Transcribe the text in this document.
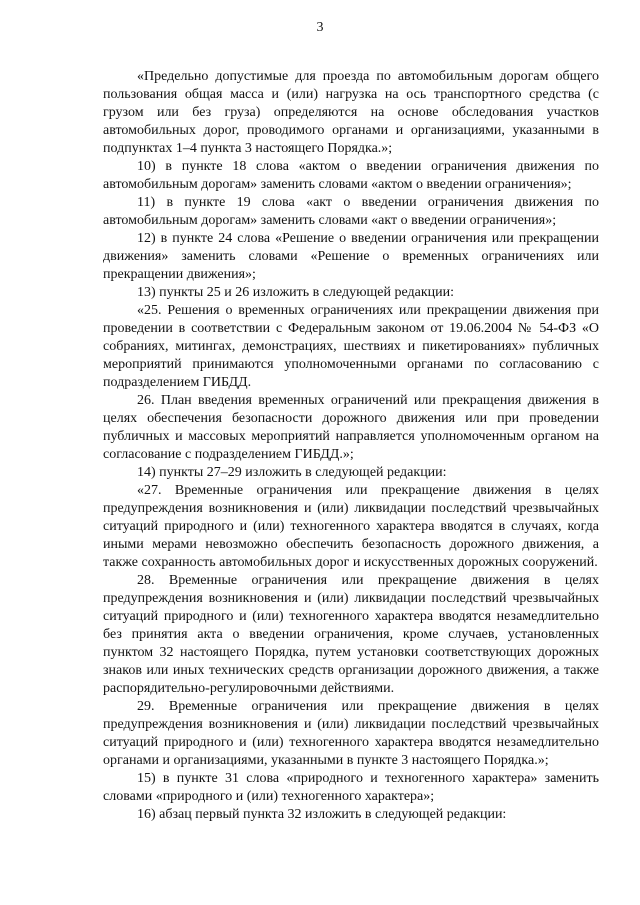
3

«Предельно допустимые для проезда по автомобильным дорогам общего пользования общая масса и (или) нагрузка на ось транспортного средства (с грузом или без груза) определяются на основе обследования участков автомобильных дорог, проводимого органами и организациями, указанными в подпунктах 1–4 пункта 3 настоящего Порядка.»;

10) в пункте 18 слова «актом о введении ограничения движения по автомобильным дорогам» заменить словами «актом о введении ограничения»;

11) в пункте 19 слова «акт о введении ограничения движения по автомобильным дорогам» заменить словами «акт о введении ограничения»;

12) в пункте 24 слова «Решение о введении ограничения или прекращении движения» заменить словами «Решение о временных ограничениях или прекращении движения»;

13) пункты 25 и 26 изложить в следующей редакции:

«25. Решения о временных ограничениях или прекращении движения при проведении в соответствии с Федеральным законом от 19.06.2004 № 54-ФЗ «О собраниях, митингах, демонстрациях, шествиях и пикетированиях» публичных мероприятий принимаются уполномоченными органами по согласованию с подразделением ГИБДД.

26. План введения временных ограничений или прекращения движения в целях обеспечения безопасности дорожного движения или при проведении публичных и массовых мероприятий направляется уполномоченным органом на согласование с подразделением ГИБДД.»;

14) пункты 27–29 изложить в следующей редакции:

«27. Временные ограничения или прекращение движения в целях предупреждения возникновения и (или) ликвидации последствий чрезвычайных ситуаций природного и (или) техногенного характера вводятся в случаях, когда иными мерами невозможно обеспечить безопасность дорожного движения, а также сохранность автомобильных дорог и искусственных дорожных сооружений.

28. Временные ограничения или прекращение движения в целях предупреждения возникновения и (или) ликвидации последствий чрезвычайных ситуаций природного и (или) техногенного характера вводятся незамедлительно без принятия акта о введении ограничения, кроме случаев, установленных пунктом 32 настоящего Порядка, путем установки соответствующих дорожных знаков или иных технических средств организации дорожного движения, а также распорядительно-регулировочными действиями.

29. Временные ограничения или прекращение движения в целях предупреждения возникновения и (или) ликвидации последствий чрезвычайных ситуаций природного и (или) техногенного характера вводятся незамедлительно органами и организациями, указанными в пункте 3 настоящего Порядка.»;

15) в пункте 31 слова «природного и техногенного характера» заменить словами «природного и (или) техногенного характера»;

16) абзац первый пункта 32 изложить в следующей редакции:
